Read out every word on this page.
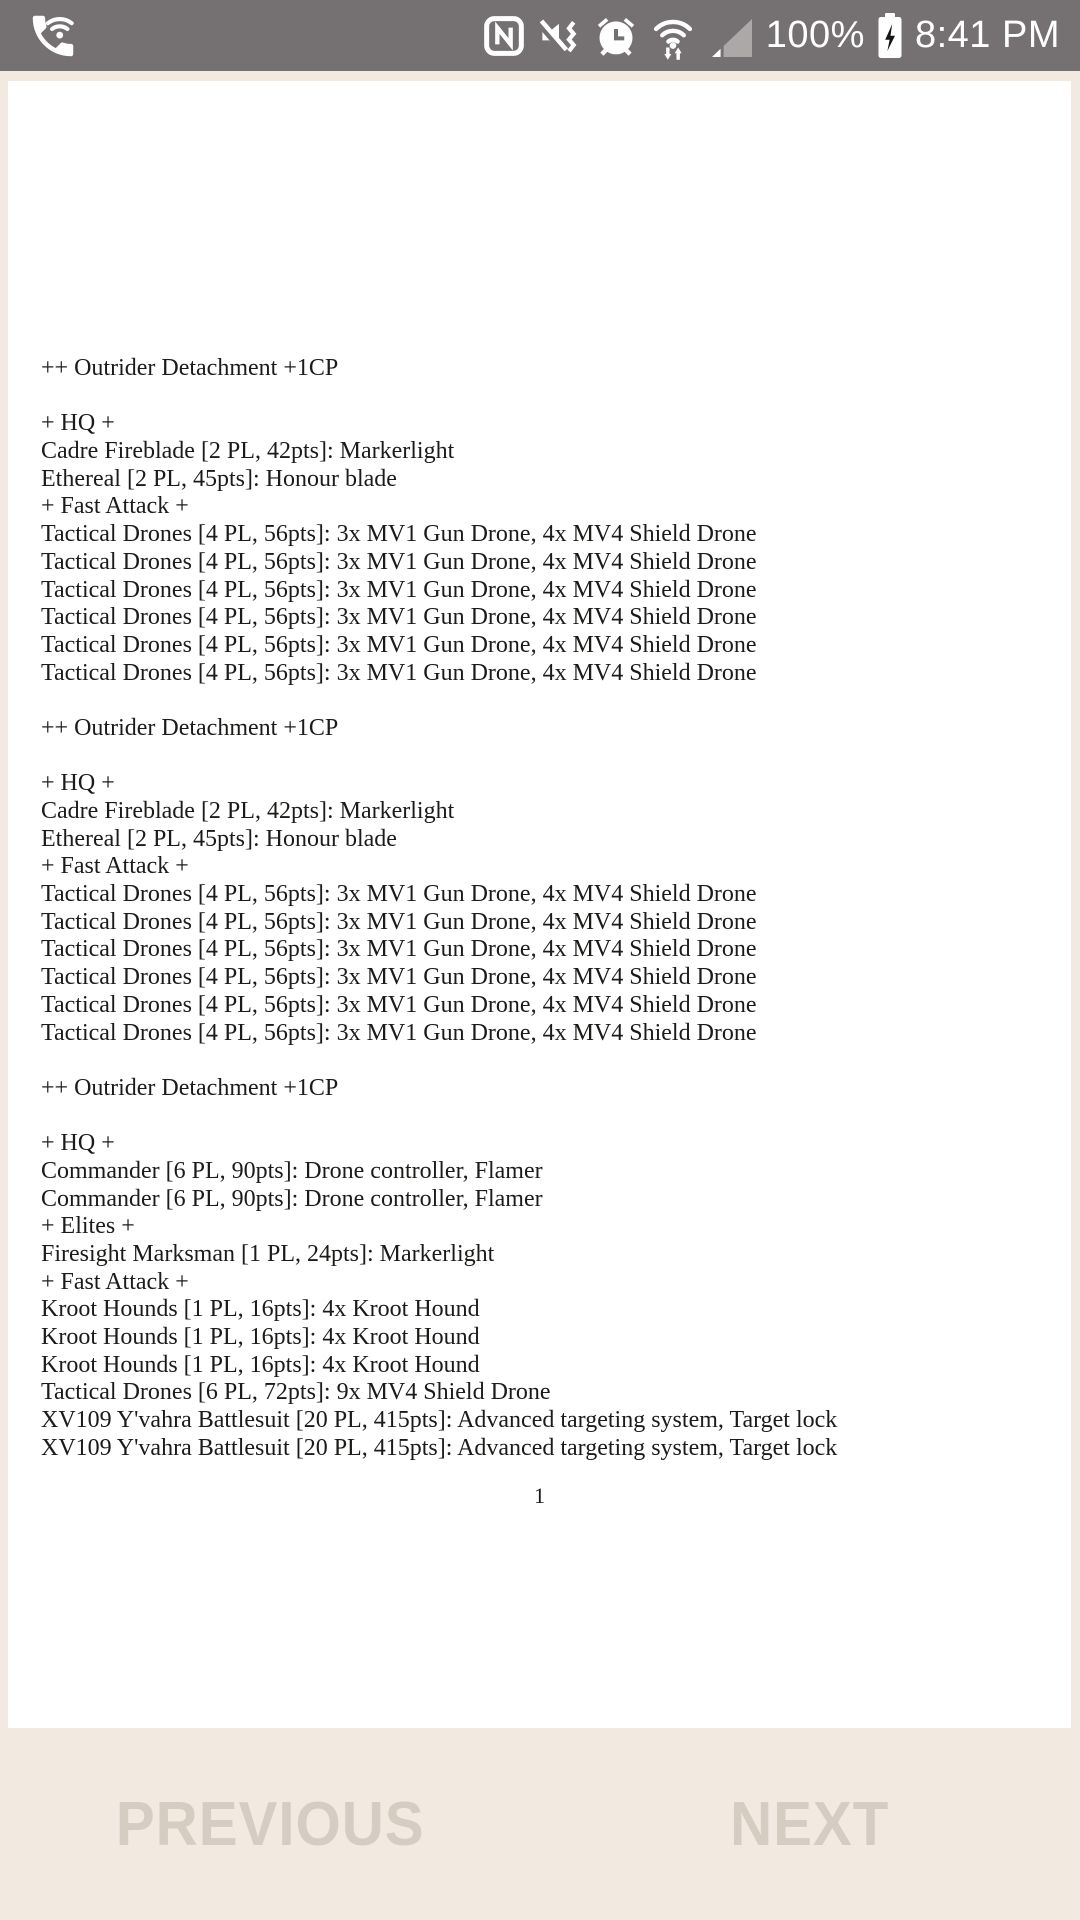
100% 8:41 PM
++ Outrider Detachment +1CP

+ HQ +
Cadre Fireblade [2 PL, 42pts]: Markerlight
Ethereal [2 PL, 45pts]: Honour blade
+ Fast Attack +
Tactical Drones [4 PL, 56pts]: 3x MV1 Gun Drone, 4x MV4 Shield Drone
Tactical Drones [4 PL, 56pts]: 3x MV1 Gun Drone, 4x MV4 Shield Drone
Tactical Drones [4 PL, 56pts]: 3x MV1 Gun Drone, 4x MV4 Shield Drone
Tactical Drones [4 PL, 56pts]: 3x MV1 Gun Drone, 4x MV4 Shield Drone
Tactical Drones [4 PL, 56pts]: 3x MV1 Gun Drone, 4x MV4 Shield Drone
Tactical Drones [4 PL, 56pts]: 3x MV1 Gun Drone, 4x MV4 Shield Drone

++ Outrider Detachment +1CP

+ HQ +
Cadre Fireblade [2 PL, 42pts]: Markerlight
Ethereal [2 PL, 45pts]: Honour blade
+ Fast Attack +
Tactical Drones [4 PL, 56pts]: 3x MV1 Gun Drone, 4x MV4 Shield Drone
Tactical Drones [4 PL, 56pts]: 3x MV1 Gun Drone, 4x MV4 Shield Drone
Tactical Drones [4 PL, 56pts]: 3x MV1 Gun Drone, 4x MV4 Shield Drone
Tactical Drones [4 PL, 56pts]: 3x MV1 Gun Drone, 4x MV4 Shield Drone
Tactical Drones [4 PL, 56pts]: 3x MV1 Gun Drone, 4x MV4 Shield Drone
Tactical Drones [4 PL, 56pts]: 3x MV1 Gun Drone, 4x MV4 Shield Drone

++ Outrider Detachment +1CP

+ HQ +
Commander [6 PL, 90pts]: Drone controller, Flamer
Commander [6 PL, 90pts]: Drone controller, Flamer
+ Elites +
Firesight Marksman [1 PL, 24pts]: Markerlight
+ Fast Attack +
Kroot Hounds [1 PL, 16pts]: 4x Kroot Hound
Kroot Hounds [1 PL, 16pts]: 4x Kroot Hound
Kroot Hounds [1 PL, 16pts]: 4x Kroot Hound
Tactical Drones [6 PL, 72pts]: 9x MV4 Shield Drone
XV109 Y'vahra Battlesuit [20 PL, 415pts]: Advanced targeting system, Target lock
XV109 Y'vahra Battlesuit [20 PL, 415pts]: Advanced targeting system, Target lock
1
PREVIOUS	NEXT
